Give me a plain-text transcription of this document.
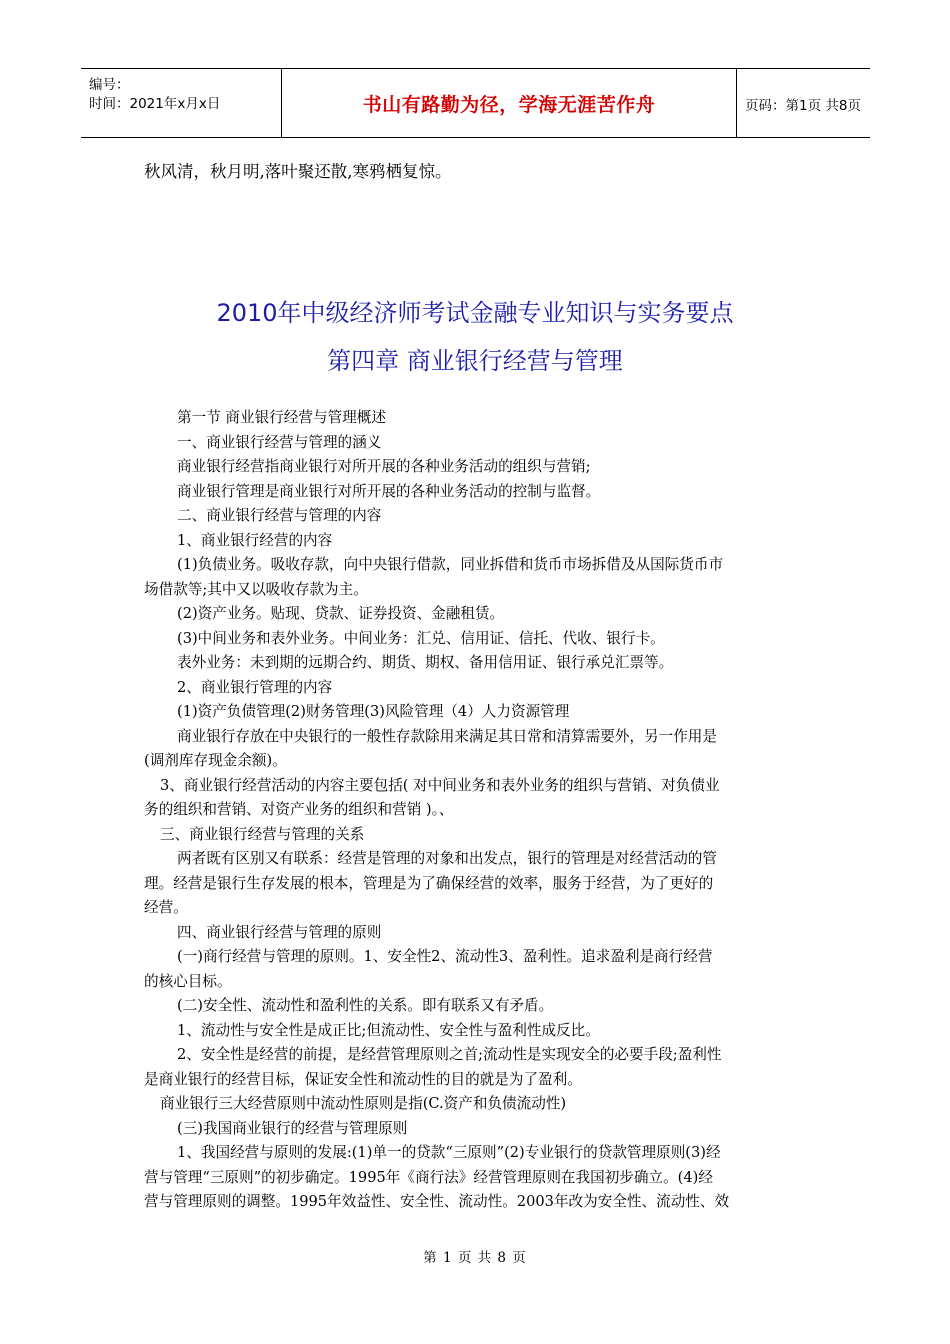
编号：
时间：2021年x月x日	书山有路勤为径，学海无涯苦作舟	页码：第1页 共8页
秋风清，秋月明,落叶聚还散,寒鸦栖复惊。
2010年中级经济师考试金融专业知识与实务要点
第四章 商业银行经营与管理

第一节 商业银行经营与管理概述

一、商业银行经营与管理的涵义

商业银行经营指商业银行对所开展的各种业务活动的组织与营销;

商业银行管理是商业银行对所开展的各种业务活动的控制与监督。

二、商业银行经营与管理的内容

1、商业银行经营的内容

(1)负债业务。吸收存款，向中央银行借款，同业拆借和货币市场拆借及从国际货币市

场借款等;其中又以吸收存款为主。

(2)资产业务。贴现、贷款、证券投资、金融租赁。

(3)中间业务和表外业务。中间业务：汇兑、信用证、信托、代收、银行卡。

表外业务：未到期的远期合约、期货、期权、备用信用证、银行承兑汇票等。

2、商业银行管理的内容

(1)资产负债管理(2)财务管理(3)风险管理（4）人力资源管理

商业银行存放在中央银行的一般性存款除用来满足其日常和清算需要外，另一作用是

(调剂库存现金余额)。

3、商业银行经营活动的内容主要包括( 对中间业务和表外业务的组织与营销、对负债业

务的组织和营销、对资产业务的组织和营销 )。、

三、商业银行经营与管理的关系

两者既有区别又有联系：经营是管理的对象和出发点，银行的管理是对经营活动的管

理。经营是银行生存发展的根本，管理是为了确保经营的效率，服务于经营，为了更好的

经营。

四、商业银行经营与管理的原则

(一)商行经营与管理的原则。1、安全性2、流动性3、盈利性。追求盈利是商行经营

的核心目标。

(二)安全性、流动性和盈利性的关系。即有联系又有矛盾。

1、流动性与安全性是成正比;但流动性、安全性与盈利性成反比。

2、安全性是经营的前提，是经营管理原则之首;流动性是实现安全的必要手段;盈利性

是商业银行的经营目标，保证安全性和流动性的目的就是为了盈利。

商业银行三大经营原则中流动性原则是指(C.资产和负债流动性)

(三)我国商业银行的经营与管理原则

1、我国经营与原则的发展:(1)单一的贷款“三原则”(2)专业银行的贷款管理原则(3)经

营与管理“三原则”的初步确定。1995年《商行法》经营管理原则在我国初步确立。(4)经

营与管理原则的调整。1995年效益性、安全性、流动性。2003年改为安全性、流动性、效

第 1 页 共 8 页
